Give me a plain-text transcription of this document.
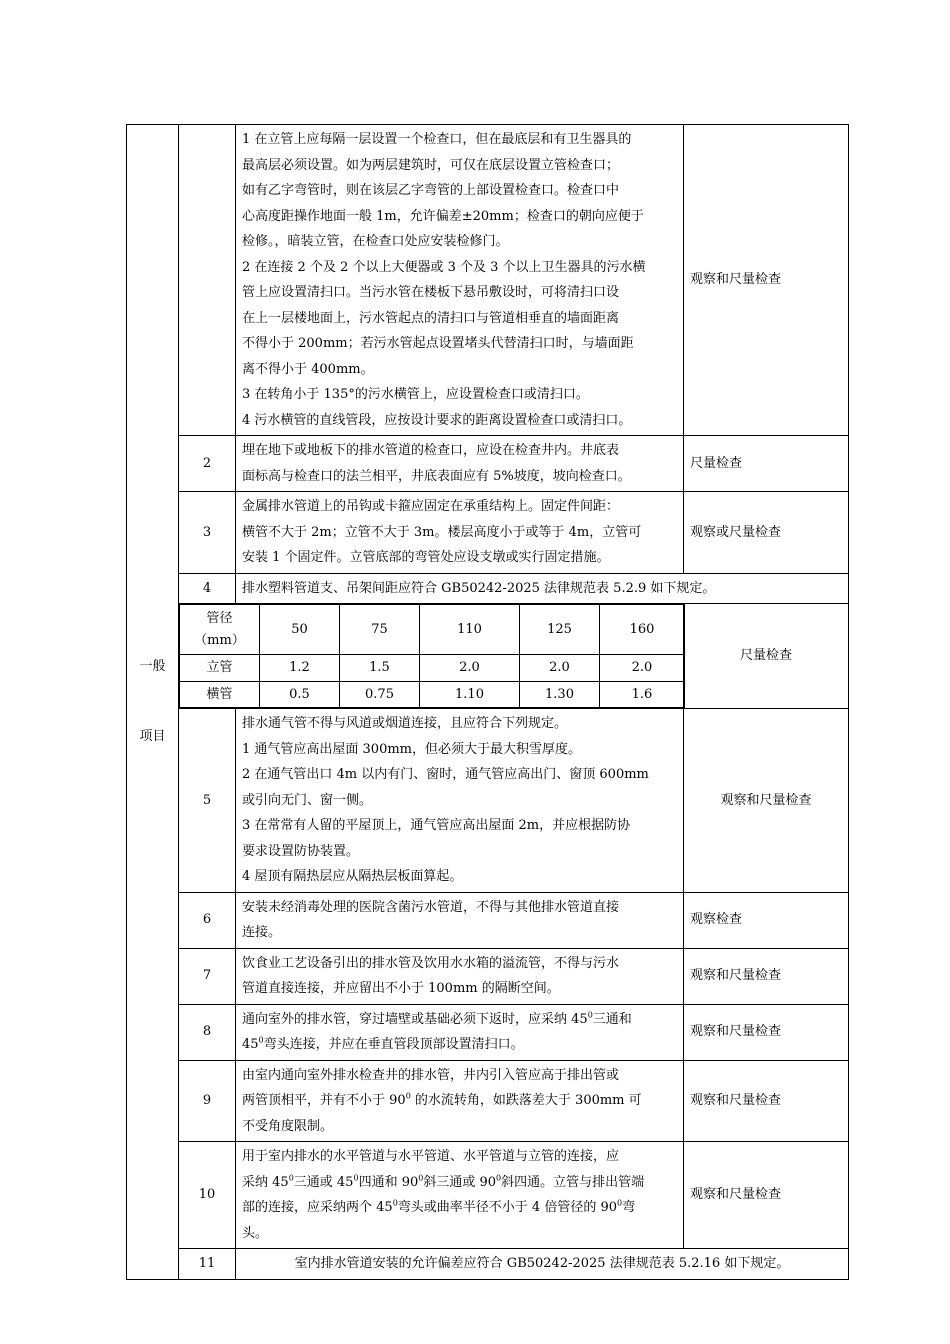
一般
项目

1 在立管上应每隔一层设置一个检查口，但在最底层和有卫生器具的
最高层必须设置。如为两层建筑时，可仅在底层设置立管检查口；
如有乙字弯管时，则在该层乙字弯管的上部设置检查口。检查口中
心高度距操作地面一般 1m，允许偏差±20mm；检查口的朝向应便于
检修。，暗装立管，在检查口处应安装检修门。
2 在连接 2 个及 2 个以上大便器或 3 个及 3 个以上卫生器具的污水横
管上应设置清扫口。当污水管在楼板下悬吊敷设时，可将清扫口设
在上一层楼地面上，污水管起点的清扫口与管道相垂直的墙面距离
不得小于 200mm；若污水管起点设置堵头代替清扫口时，与墙面距
离不得小于 400mm。
3 在转角小于 135°的污水横管上，应设置检查口或清扫口。
4 污水横管的直线管段，应按设计要求的距离设置检查口或清扫口。
	观察和尺量检查
2	
埋在地下或地板下的排水管道的检查口，应设在检查井内。井底表
面标高与检查口的法兰相平，井底表面应有 5%坡度，坡向检查口。
	尺量检查
3	
金属排水管道上的吊钩或卡箍应固定在承重结构上。固定件间距：
横管不大于 2m；立管不大于 3m。楼层高度小于或等于 4m，立管可
安装 1 个固定件。立管底部的弯管处应设支墩或实行固定措施。
	观察或尺量检查
4	排水塑料管道支、吊架间距应符合 GB50242-2025 法律规范表 5.2.9 如下规定。

管径
（mm）
	50	75	110	125	160
立管	1.2	1.5	2.0	2.0	2.0
横管	0.5	0.75	1.10	1.30	1.6
	尺量检查
5	
排水通气管不得与风道或烟道连接，且应符合下列规定。
1 通气管应高出屋面 300mm，但必须大于最大积雪厚度。
2 在通气管出口 4m 以内有门、窗时，通气管应高出门、窗顶 600mm
或引向无门、窗一侧。
3 在常常有人留的平屋顶上，通气管应高出屋面 2m，并应根据防协
要求设置防协装置。
4 屋顶有隔热层应从隔热层板面算起。
	观察和尺量检查
6	
安装未经消毒处理的医院含菌污水管道，不得与其他排水管道直接
连接。
	观察检查
7	
饮食业工艺设备引出的排水管及饮用水水箱的溢流管，不得与污水
管道直接连接，并应留出不小于 100mm 的隔断空间。
	观察和尺量检查
8	
通向室外的排水管，穿过墙壁或基础必须下返时，应采纳 $45^0$三通和
$45^0$弯头连接，并应在垂直管段顶部设置清扫口。
	观察和尺量检查
9	
由室内通向室外排水检查井的排水管，井内引入管应高于排出管或
两管顶相平，并有不小于 $90^0$ 的水流转角，如跌落差大于 300mm 可
不受角度限制。
	观察和尺量检查
10	
用于室内排水的水平管道与水平管道、水平管道与立管的连接，应
采纳 $45^0$三通或 $45^0$四通和 $90^0$斜三通或 $90^0$斜四通。立管与排出管端
部的连接，应采纳两个 $45^0$弯头或曲率半径不小于 4 倍管径的 $90^0$弯
头。
	观察和尺量检查
11	室内排水管道安装的允许偏差应符合 GB50242-2025 法律规范表 5.2.16 如下规定。
